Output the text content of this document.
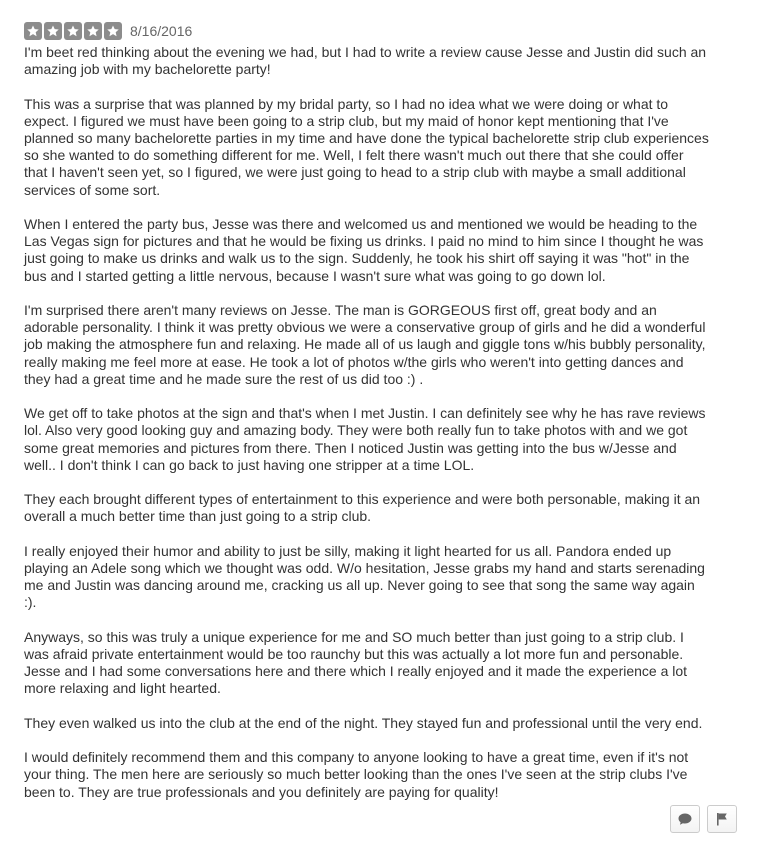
8/16/2016

I'm beet red thinking about the evening we had, but I had to write a review cause Jesse and Justin did such an
amazing job with my bachelorette party!

This was a surprise that was planned by my bridal party, so I had no idea what we were doing or what to
expect. I figured we must have been going to a strip club, but my maid of honor kept mentioning that I've
planned so many bachelorette parties in my time and have done the typical bachelorette strip club experiences
so she wanted to do something different for me. Well, I felt there wasn't much out there that she could offer
that I haven't seen yet, so I figured, we were just going to head to a strip club with maybe a small additional
services of some sort.

When I entered the party bus, Jesse was there and welcomed us and mentioned we would be heading to the
Las Vegas sign for pictures and that he would be fixing us drinks. I paid no mind to him since I thought he was
just going to make us drinks and walk us to the sign. Suddenly, he took his shirt off saying it was "hot" in the
bus and I started getting a little nervous, because I wasn't sure what was going to go down lol.

I'm surprised there aren't many reviews on Jesse. The man is GORGEOUS first off, great body and an
adorable personality. I think it was pretty obvious we were a conservative group of girls and he did a wonderful
job making the atmosphere fun and relaxing. He made all of us laugh and giggle tons w/his bubbly personality,
really making me feel more at ease. He took a lot of photos w/the girls who weren't into getting dances and
they had a great time and he made sure the rest of us did too :) .

We get off to take photos at the sign and that's when I met Justin. I can definitely see why he has rave reviews
lol. Also very good looking guy and amazing body. They were both really fun to take photos with and we got
some great memories and pictures from there. Then I noticed Justin was getting into the bus w/Jesse and
well.. I don't think I can go back to just having one stripper at a time LOL.

They each brought different types of entertainment to this experience and were both personable, making it an
overall a much better time than just going to a strip club.

I really enjoyed their humor and ability to just be silly, making it light hearted for us all. Pandora ended up
playing an Adele song which we thought was odd. W/o hesitation, Jesse grabs my hand and starts serenading
me and Justin was dancing around me, cracking us all up. Never going to see that song the same way again
:).

Anyways, so this was truly a unique experience for me and SO much better than just going to a strip club. I
was afraid private entertainment would be too raunchy but this was actually a lot more fun and personable.
Jesse and I had some conversations here and there which I really enjoyed and it made the experience a lot
more relaxing and light hearted.

They even walked us into the club at the end of the night. They stayed fun and professional until the very end.

I would definitely recommend them and this company to anyone looking to have a great time, even if it's not
your thing. The men here are seriously so much better looking than the ones I've seen at the strip clubs I've
been to. They are true professionals and you definitely are paying for quality!
